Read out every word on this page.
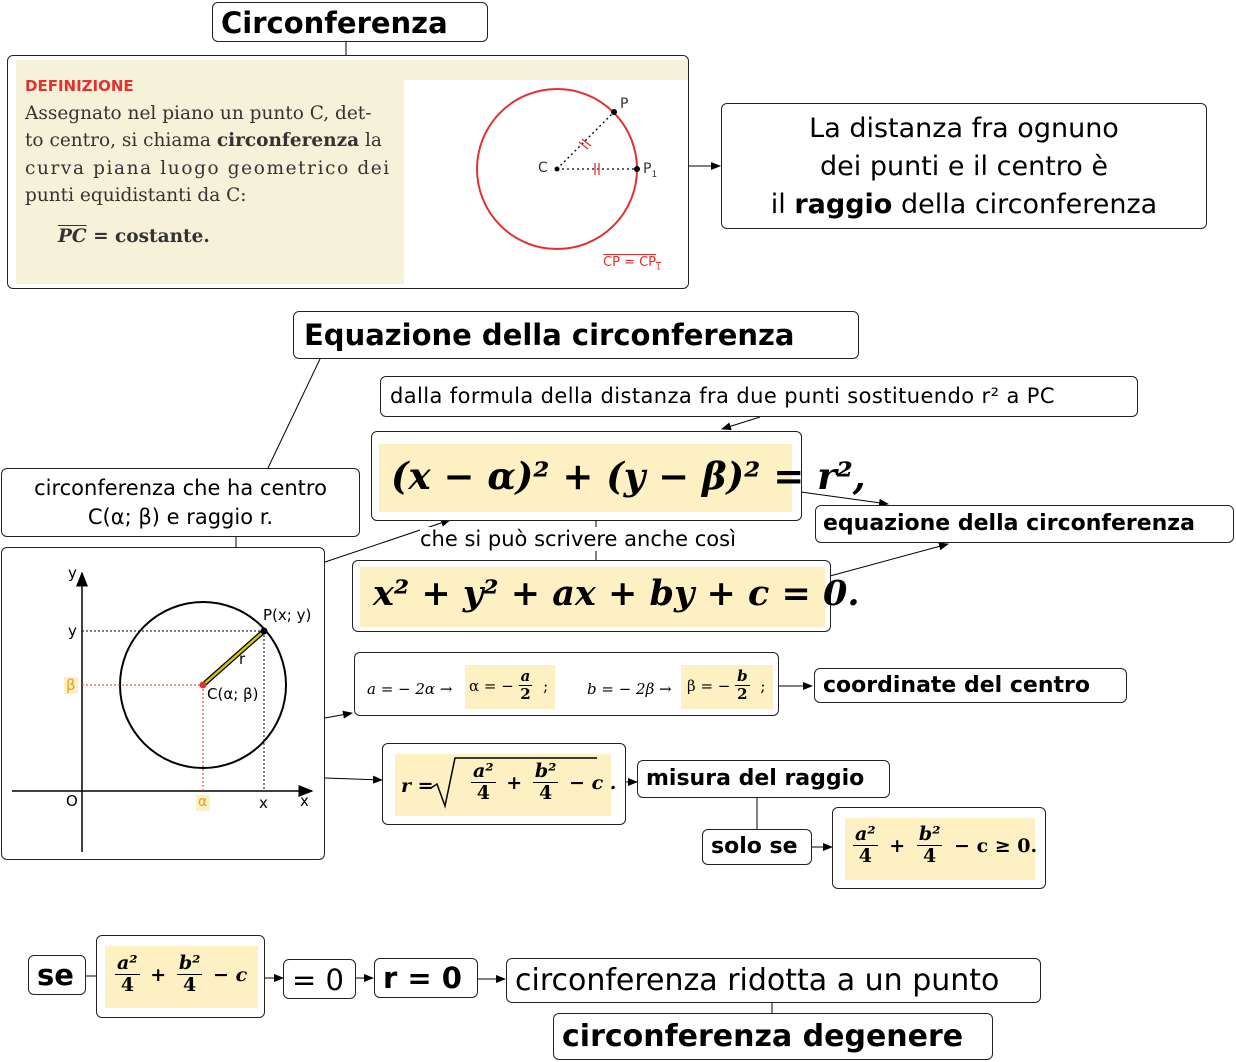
Circonferenza
DEFINIZIONE
Assegnato nel piano un punto C, det-
to centro, si chiama circonferenza la
curva piana luogo geometrico dei
punti equidistanti da C:
$\overline{PC}$ = costante.
C
P
$P_1$
CP = $CP_1$
La distanza fra ognuno
dei punti e il centro è
il raggio della circonferenza
Equazione della circonferenza
dalla formula della distanza fra due punti sostituendo r² a PC
circonferenza che ha centro
C(α; β) e raggio r.
(x − α)² + (y − β)² = r²,
equazione della circonferenza
che si può scrivere anche così
x² + y² + ax + by + c = 0.
y
x
O
y
β
α	x
P(x; y)
C(α; β)
r
a = − 2α → α = − $\frac{a}{2}$ ;	b = − 2β → β = − $\frac{b}{2}$ ;	coordinate del centro
$r = \frac{\text{a²}}{4} + \frac{\text{b²}}{4} - c$ . misura del raggio
solo se	$\frac{\text{a²}}{4} + \frac{\text{b²}}{4} - c \ge 0$.
se $\frac{\text{a²}}{4} + \frac{\text{b²}}{4} - c = 0$ r = 0 circonferenza ridotta a un punto
circonferenza degenere
